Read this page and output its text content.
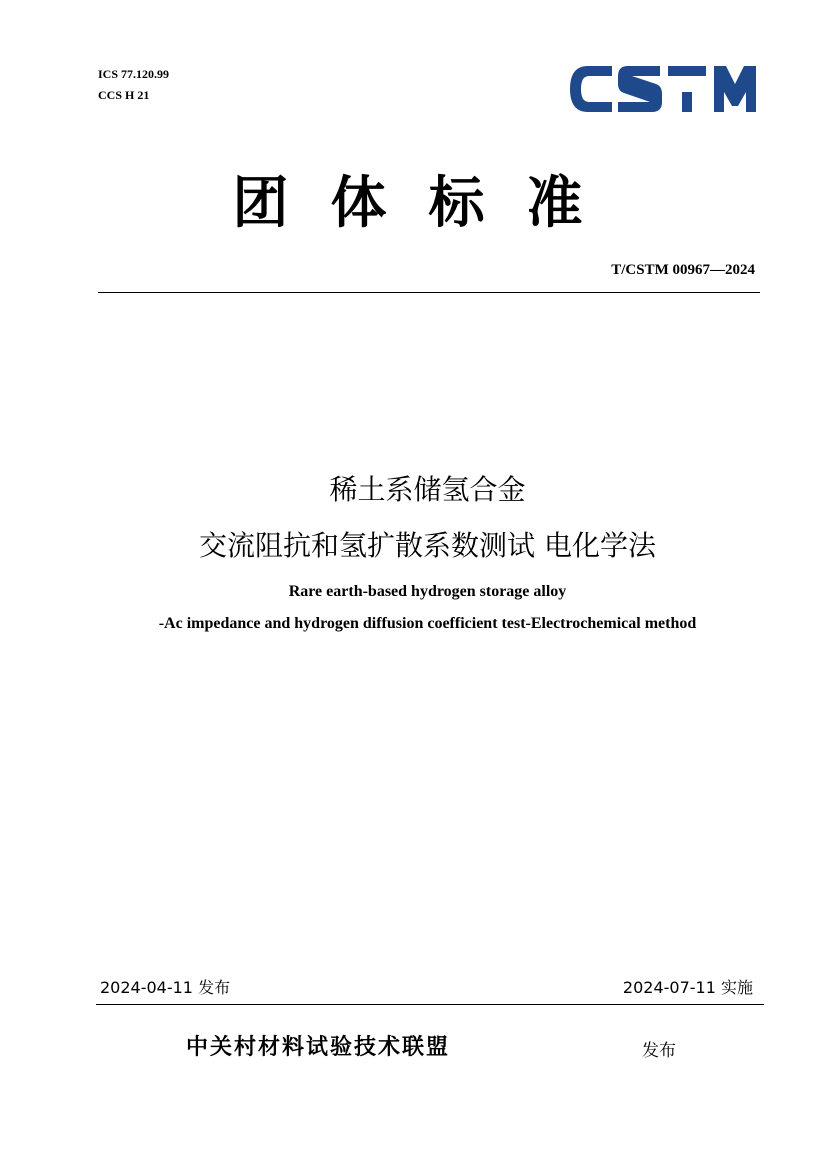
ICS 77.120.99
CCS H 21
团体标准
T/CSTM 00967—2024
稀土系储氢合金
交流阻抗和氢扩散系数测试 电化学法
Rare earth-based hydrogen storage alloy
-Ac impedance and hydrogen diffusion coefficient test-Electrochemical method
2024-04-11 发布	2024-07-11 实施
中关村材料试验技术联盟	发布
